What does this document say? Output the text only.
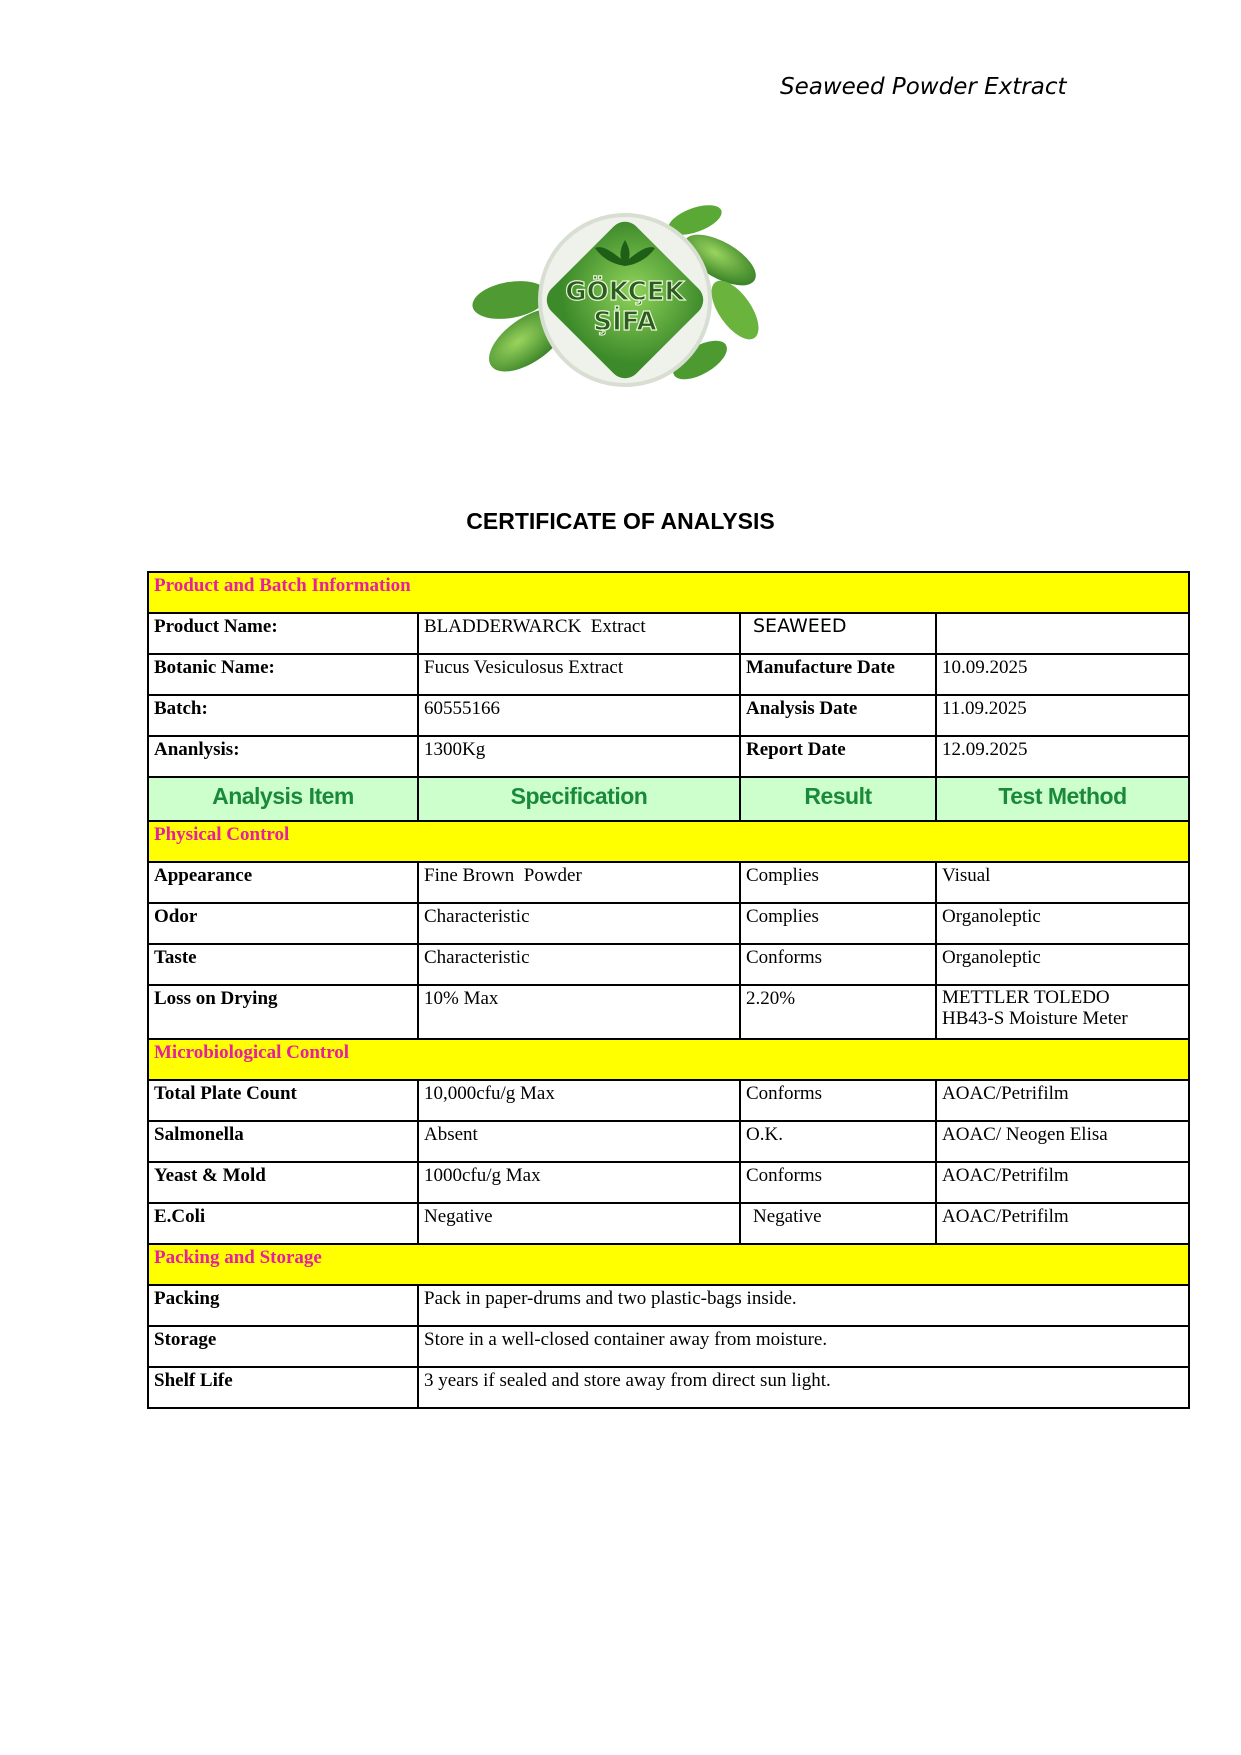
Seaweed Powder Extract
GÖKÇEK
ŞİFA
CERTIFICATE OF ANALYSIS
Product and Batch Information			
Product Name:	BLADDERWARCK  Extract	SEAWEED	
Botanic Name:	Fucus Vesiculosus Extract	Manufacture Date	10.09.2025
Batch:	60555166	Analysis Date	11.09.2025
Ananlysis:	1300Kg	Report Date	12.09.2025
Analysis Item	Specification	Result	Test Method
Physical Control			
Appearance	Fine Brown  Powder	Complies	Visual
Odor	Characteristic	Complies	Organoleptic
Taste	Characteristic	Conforms	Organoleptic
Loss on Drying	10% Max	2.20%	METTLER TOLEDO
HB43-S Moisture Meter

Microbiological Control			
Total Plate Count	10,000cfu/g Max	Conforms	AOAC/Petrifilm
Salmonella	Absent	O.K.	AOAC/ Neogen Elisa
Yeast & Mold	1000cfu/g Max	Conforms	AOAC/Petrifilm
E.Coli	Negative	Negative	AOAC/Petrifilm
Packing and Storage			
Packing	Pack in paper-drums and two plastic-bags inside.		
Storage	Store in a well-closed container away from moisture.		
Shelf Life	3 years if sealed and store away from direct sun light.		
